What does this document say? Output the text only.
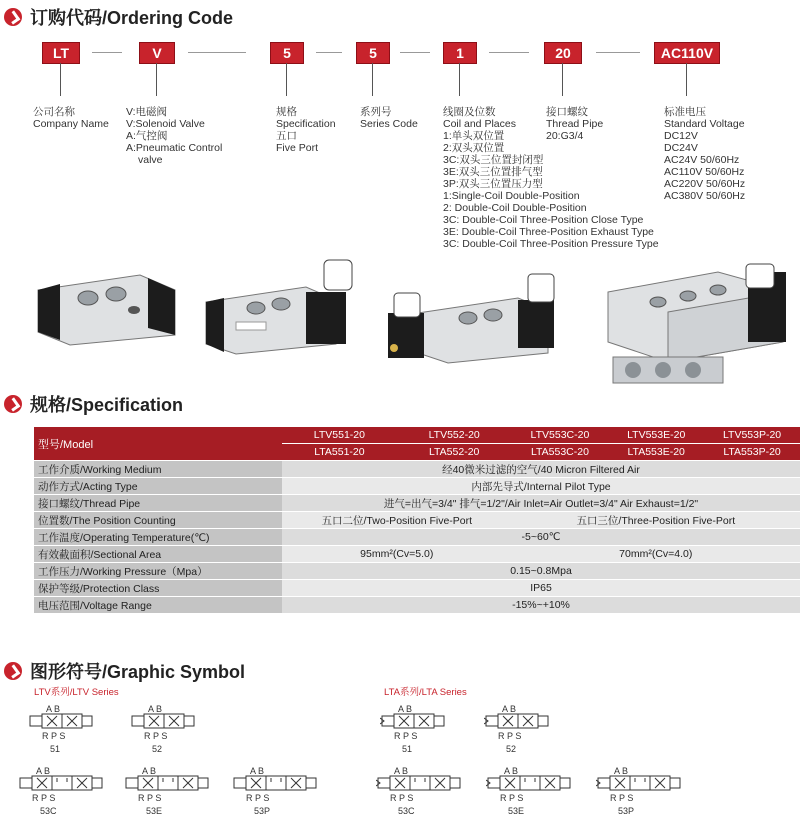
订购代码/Ordering Code
LT	V	5	5	1	20	AC110V
公司名称
Company Name
V:电磁阀
V:Solenoid Valve
A:气控阀
A:Pneumatic Control
valve
规格
Specification
五口
Five Port
系列号
Series Code
线圈及位数
Coil and Places
1:单头双位置
2:双头双位置
3C:双头三位置封闭型
3E:双头三位置排气型
3P:双头三位置压力型
1:Single-Coil Double-Position
2: Double-Coil Double-Position
3C: Double-Coil Three-Position Close Type
3E: Double-Coil Three-Position Exhaust Type
3C: Double-Coil Three-Position Pressure Type
接口螺纹
Thread Pipe
20:G3/4
标准电压
Standard Voltage
DC12V
DC24V
AC24V 50/60Hz
AC110V 50/60Hz
AC220V 50/60Hz
AC380V 50/60Hz
规格/Specification
型号/Model	LTV551-20	LTV552-20	LTV553C-20	LTV553E-20	LTV553P-20
	LTA551-20	LTA552-20	LTA553C-20	LTA553E-20	LTA553P-20
工作介质/Working Medium	经40微米过滤的空气/40 Micron Filtered Air				
动作方式/Acting Type	内部先导式/Internal Pilot Type				
接口螺纹/Thread Pipe	进气=出气=3/4" 排气=1/2"/Air Inlet=Air Outlet=3/4" Air Exhaust=1/2"				
位置数/The Position Counting	五口二位/Two-Position Five-Port		五口三位/Three-Position Five-Port		
工作温度/Operating Temperature(℃)	-5~60℃				
有效截面积/Sectional Area	95mm²(Cv=5.0)		70mm²(Cv=4.0)		
工作压力/Working Pressure（Mpa）	0.15~0.8Mpa				
保护等级/Protection Class	IP65				
电压范围/Voltage Range	-15%~+10%				
图形符号/Graphic Symbol
LTV系列/LTV Series	LTA系列/LTA Series
A B
R P S
51
A B
R P S
52
A B
R P S
53C
A B
R P S
53E
A B
R P S
53P
A B
R P S
51
A B
R P S
52
A B
R P S
53C
A B
R P S
53E
A B
R P S
53P
